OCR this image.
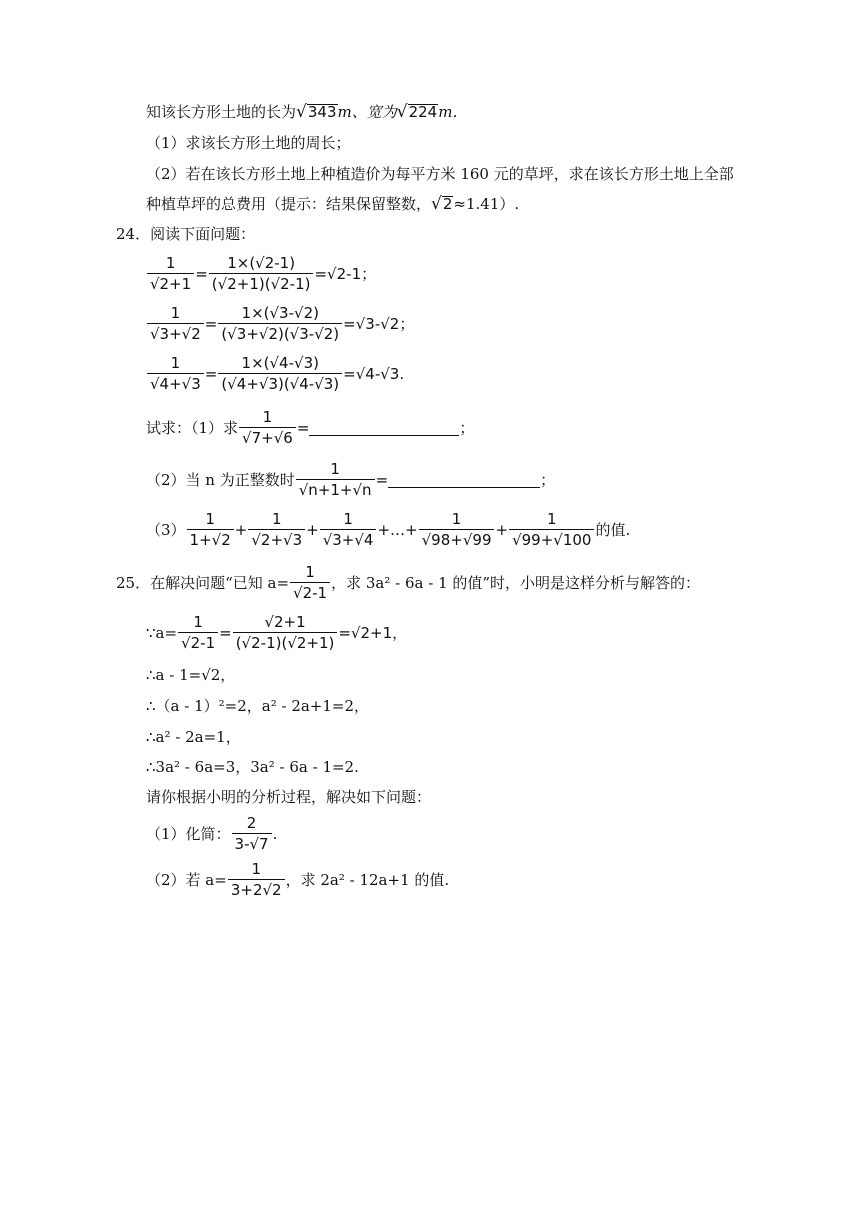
知该长方形土地的长为 √ 343 m、宽为 √ 224 m．
（1）求该长方形土地的周长；
（2）若在该长方形土地上种植造价为每平方米 160 元的草坪，求在该长方形土地上全部
种植草坪的总费用（提示：结果保留整数， √ 2 ≈1.41）.
24．阅读下面问题：
$\frac{1}{√2+1} = \frac{1\times(√2-1)}{(√2+1)(√2-1)} =√2-1$；
$\frac{1}{√3+√2} = \frac{1\times(√3-√2)}{(√3+√2)(√3-√2)} =√3-√2$；
$\frac{1}{√4+√3} = \frac{1\times(√4-√3)}{(√4+√3)(√4-√3)} =√4-√3$.
试求：（1）求 $\frac{1}{√7+√6}$ =	；
（2）当 n 为正整数时 $\frac{1}{√n+1+√n}$ =	；
$(3) \frac{1}{1+√2} + \frac{1}{√2+√3} + \frac{1}{√3+√4}$ +…+ $\frac{1}{√98+√99} + \frac{1}{√99+√100}$ 的值.
25．在解决问题“已知 $a= \frac{1}{√2-1}$ ，求 3a² - 6a - 1 的值”时，小明是这样分析与解答的：
∵a= $\frac{1}{√2-1} = \frac{√2+1}{(√2-1)(√2+1)} =√2+1$，
∴a - 1=√2，
∴（a - 1）²=2，a² - 2a+1=2，
∴a² - 2a=1，
∴3a² - 6a=3，3a² - 6a - 1=2.
请你根据小明的分析过程，解决如下问题：
（1）化简： $\frac{2}{3-√7}$ .
（2）若 $a= \frac{1}{3+2√2}$ ，求 2a² - 12a+1 的值.
